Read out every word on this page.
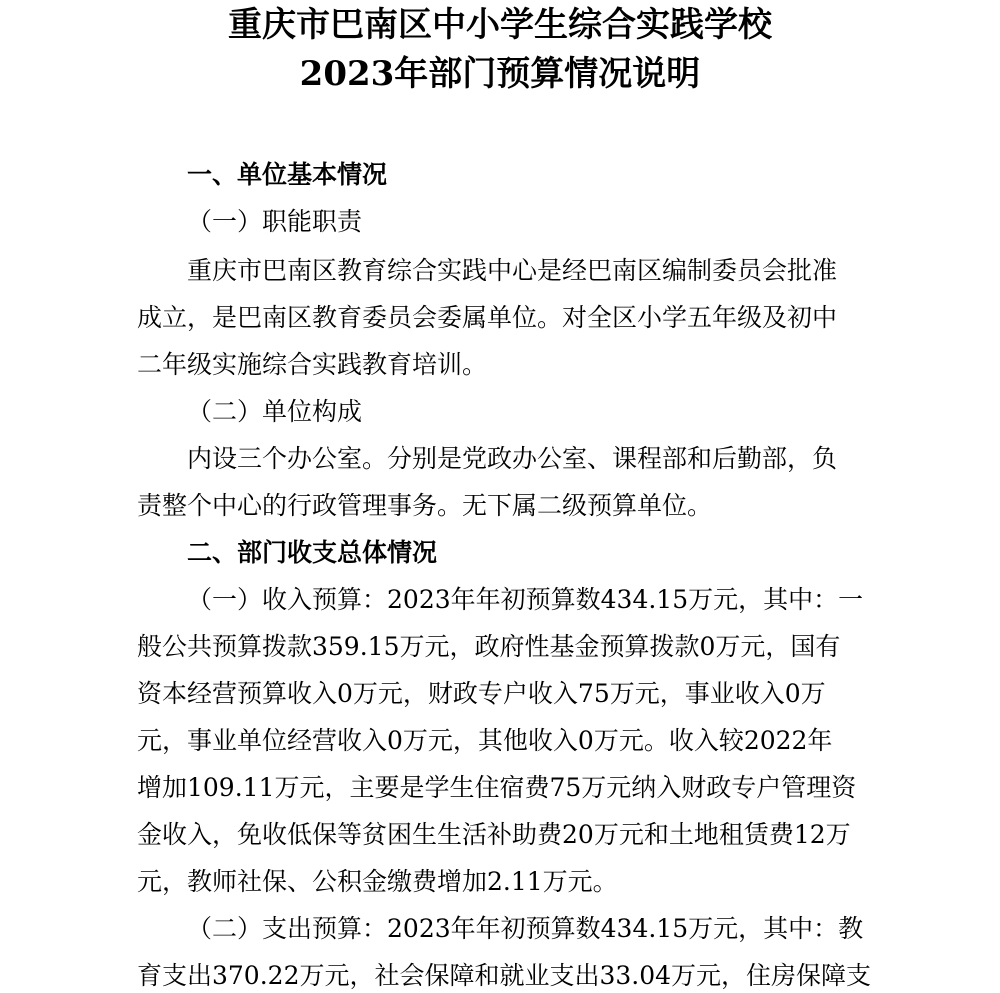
重庆市巴南区中小学生综合实践学校
2023年部门预算情况说明
一、单位基本情况
（一）职能职责
重庆市巴南区教育综合实践中心是经巴南区编制委员会批准
成立，是巴南区教育委员会委属单位。对全区小学五年级及初中
二年级实施综合实践教育培训。
（二）单位构成
内设三个办公室。分别是党政办公室、课程部和后勤部，负
责整个中心的行政管理事务。无下属二级预算单位。
二、部门收支总体情况
（一）收入预算：2023年年初预算数434.15万元，其中：一
般公共预算拨款359.15万元，政府性基金预算拨款0万元，国有
资本经营预算收入0万元，财政专户收入75万元，事业收入0万
元，事业单位经营收入0万元，其他收入0万元。收入较2022年
增加109.11万元，主要是学生住宿费75万元纳入财政专户管理资
金收入，免收低保等贫困生生活补助费20万元和土地租赁费12万
元，教师社保、公积金缴费增加2.11万元。
（二）支出预算：2023年年初预算数434.15万元，其中：教
育支出370.22万元，社会保障和就业支出33.04万元，住房保障支
